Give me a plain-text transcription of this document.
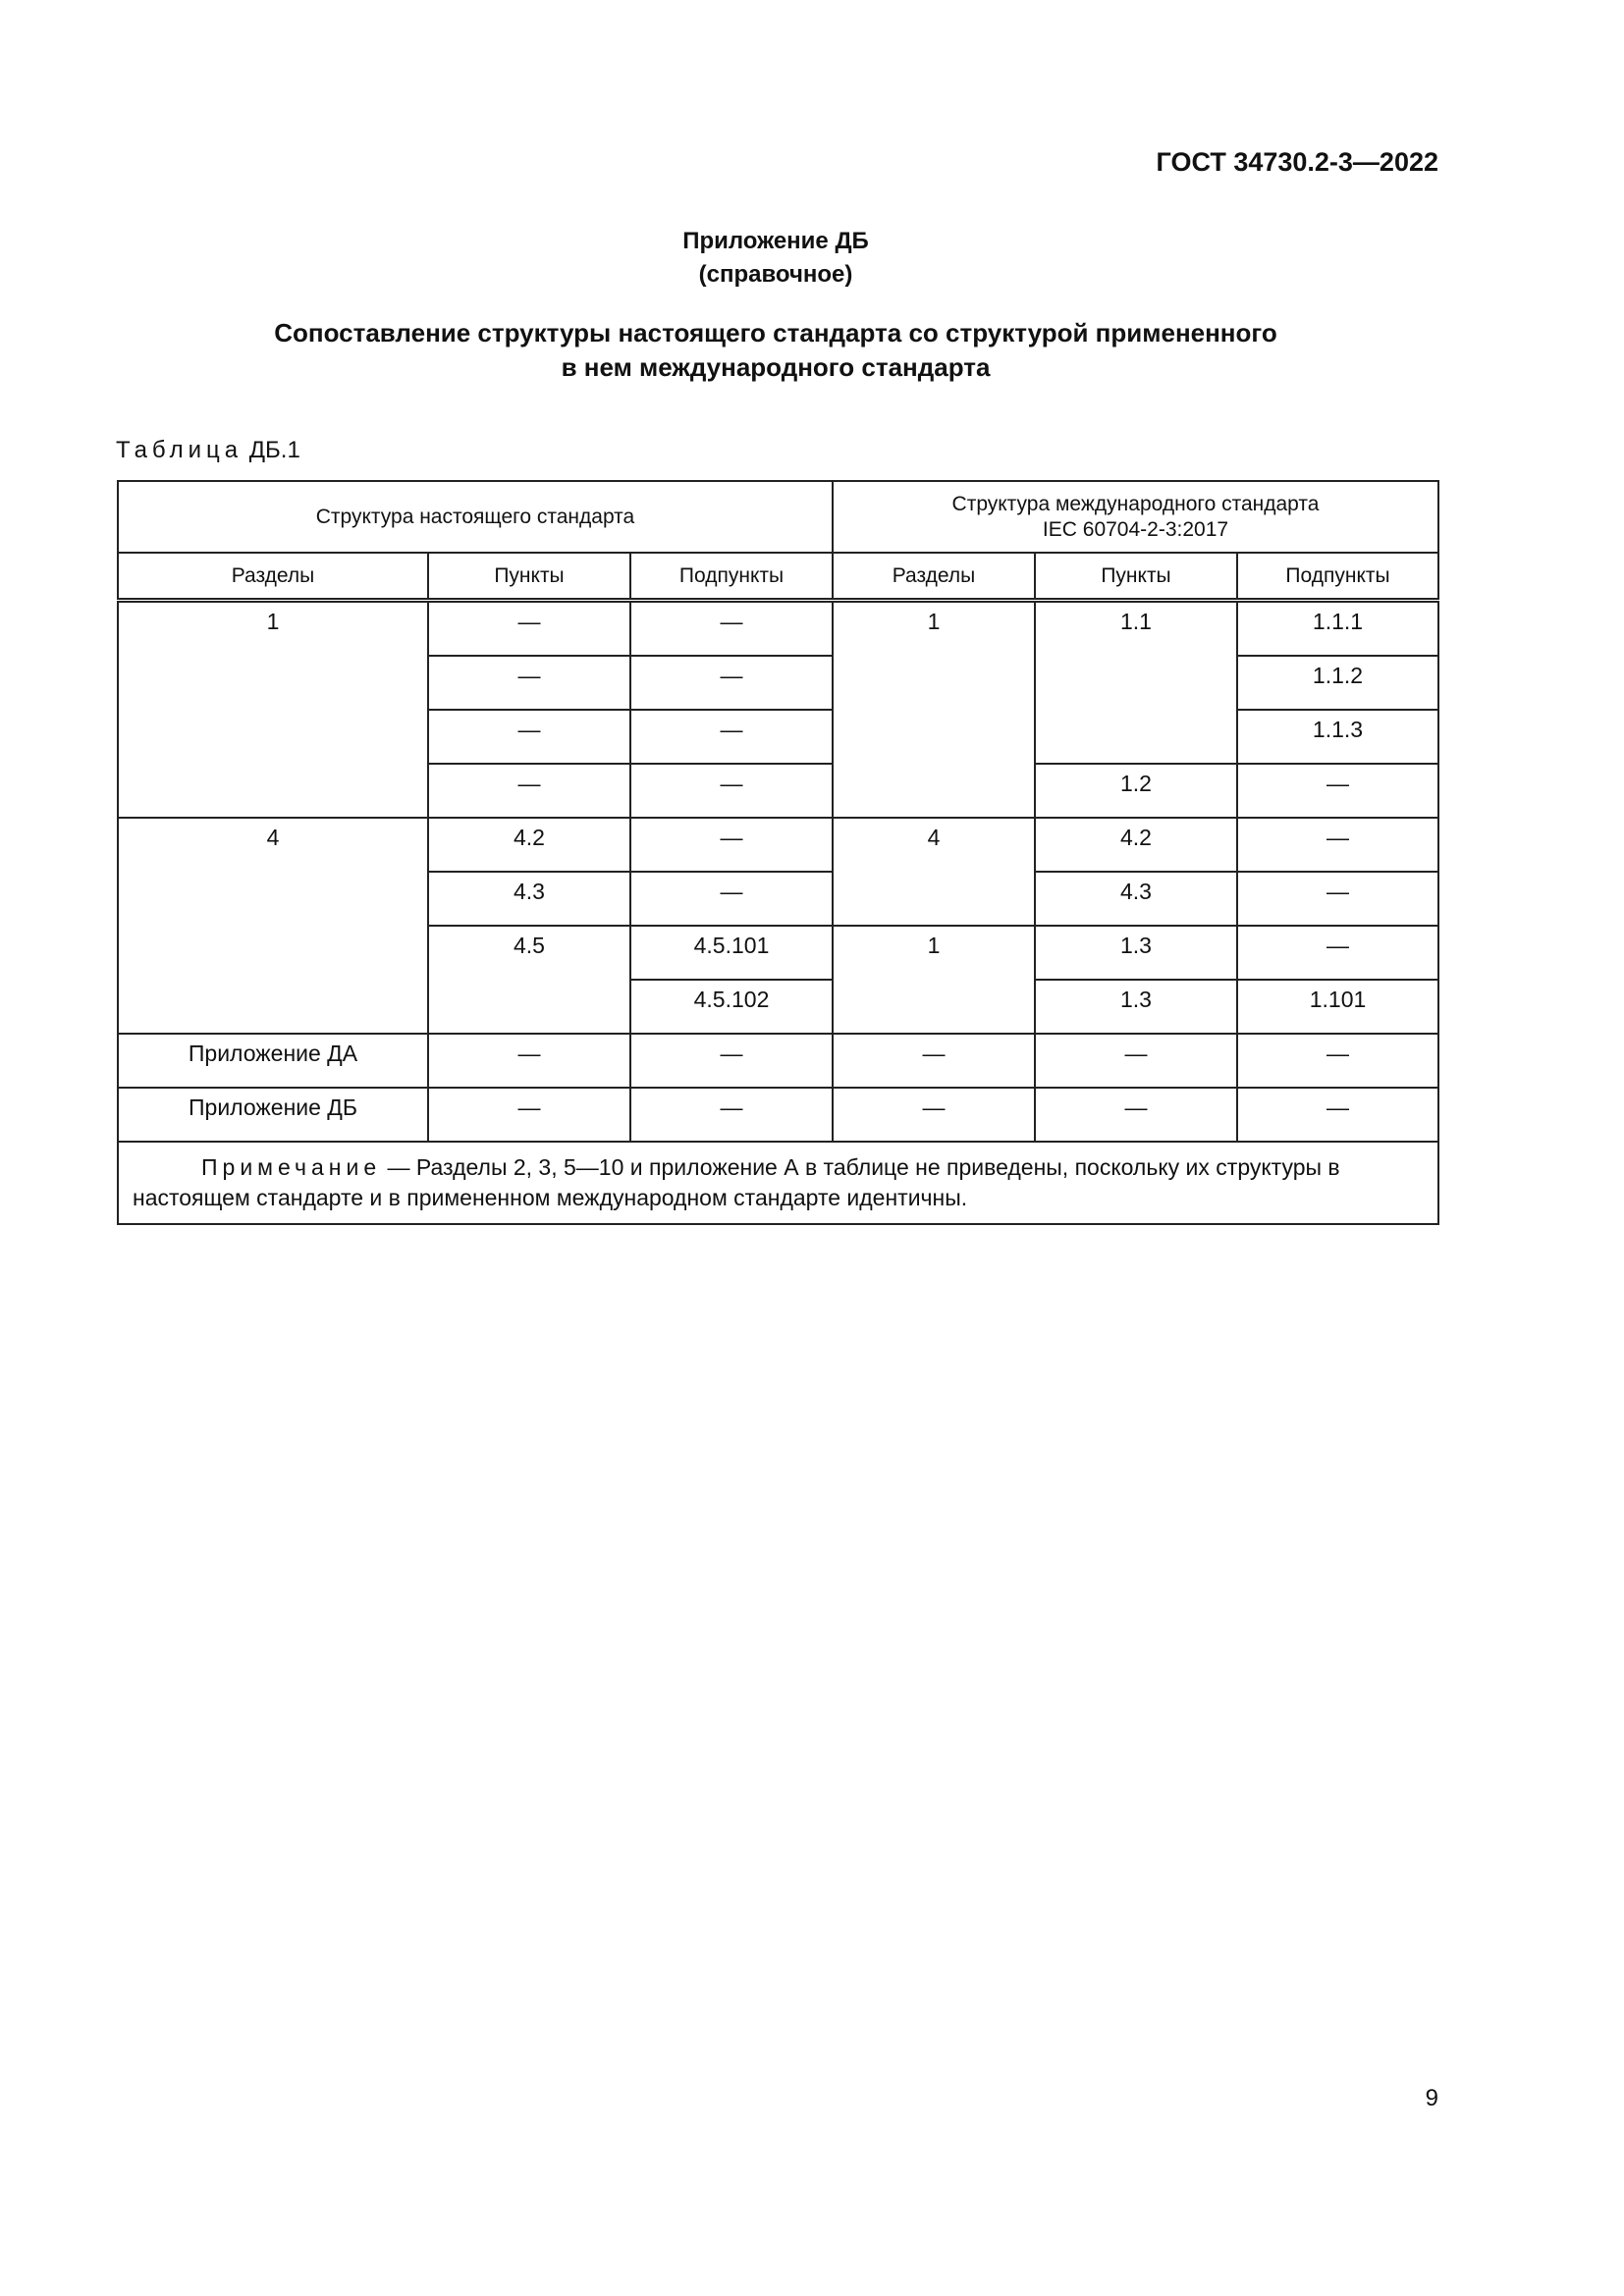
ГОСТ 34730.2-3—2022
Приложение ДБ
(справочное)
Сопоставление структуры настоящего стандарта со структурой примененного
в нем международного стандарта
Таблица ДБ.1
Структура настоящего стандарта			Структура международного стандарта
IEC 60704-2-3:2017		

Разделы	Пункты	Подпункты	Разделы	Пункты	Подпункты
1	—	—	1	1.1	1.1.1
	—	—			1.1.2
	—	—			1.1.3
	—	—		1.2	—
4	4.2	—	4	4.2	—
	4.3	—		4.3	—
	4.5	4.5.101	1	1.3	—
		4.5.102		1.3	1.101
Приложение ДА	—	—	—	—	—
Приложение ДБ	—	—	—	—	—
Примечание — Разделы 2, 3, 5—10 и приложение А в таблице не приведены, поскольку их структуры в настоящем стандарте и в примененном международном стандарте идентичны.					
9
